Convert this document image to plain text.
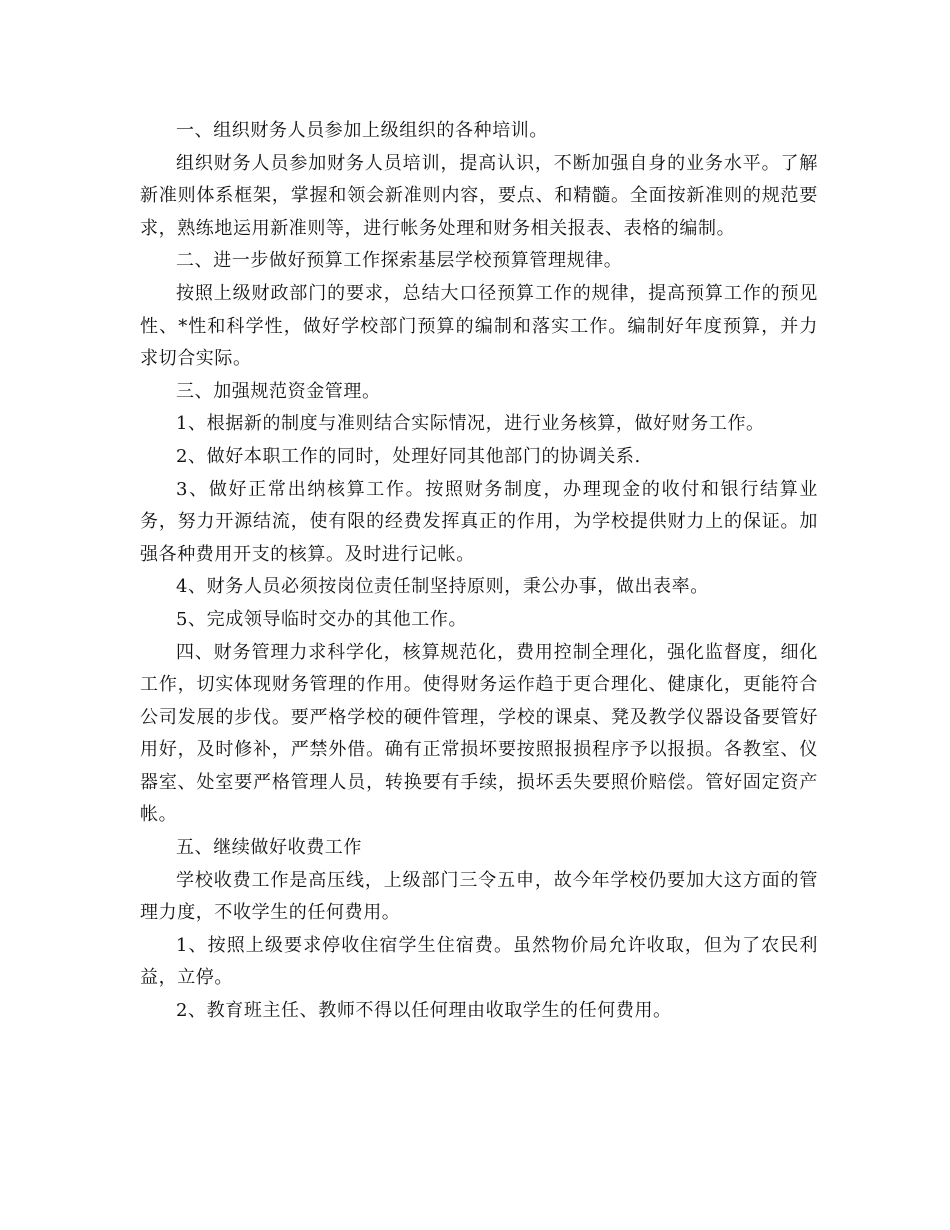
一、组织财务人员参加上级组织的各种培训。

组织财务人员参加财务人员培训，提高认识，不断加强自身的业务水平。了解新准则体系框架，掌握和领会新准则内容，要点、和精髓。全面按新准则的规范要求，熟练地运用新准则等，进行帐务处理和财务相关报表、表格的编制。

二、进一步做好预算工作探索基层学校预算管理规律。

按照上级财政部门的要求，总结大口径预算工作的规律，提高预算工作的预见性、*性和科学性，做好学校部门预算的编制和落实工作。编制好年度预算，并力求切合实际。

三、加强规范资金管理。

1、根据新的制度与准则结合实际情况，进行业务核算，做好财务工作。

2、做好本职工作的同时，处理好同其他部门的协调关系.

3、做好正常出纳核算工作。按照财务制度，办理现金的收付和银行结算业务，努力开源结流，使有限的经费发挥真正的作用，为学校提供财力上的保证。加强各种费用开支的核算。及时进行记帐。

4、财务人员必须按岗位责任制坚持原则，秉公办事，做出表率。

5、完成领导临时交办的其他工作。

四、财务管理力求科学化，核算规范化，费用控制全理化，强化监督度，细化工作，切实体现财务管理的作用。使得财务运作趋于更合理化、健康化，更能符合公司发展的步伐。要严格学校的硬件管理，学校的课桌、凳及教学仪器设备要管好用好，及时修补，严禁外借。确有正常损坏要按照报损程序予以报损。各教室、仪器室、处室要严格管理人员，转换要有手续，损坏丢失要照价赔偿。管好固定资产帐。

五、继续做好收费工作

学校收费工作是高压线，上级部门三令五申，故今年学校仍要加大这方面的管理力度，不收学生的任何费用。

1、按照上级要求停收住宿学生住宿费。虽然物价局允许收取，但为了农民利益，立停。

2、教育班主任、教师不得以任何理由收取学生的任何费用。
